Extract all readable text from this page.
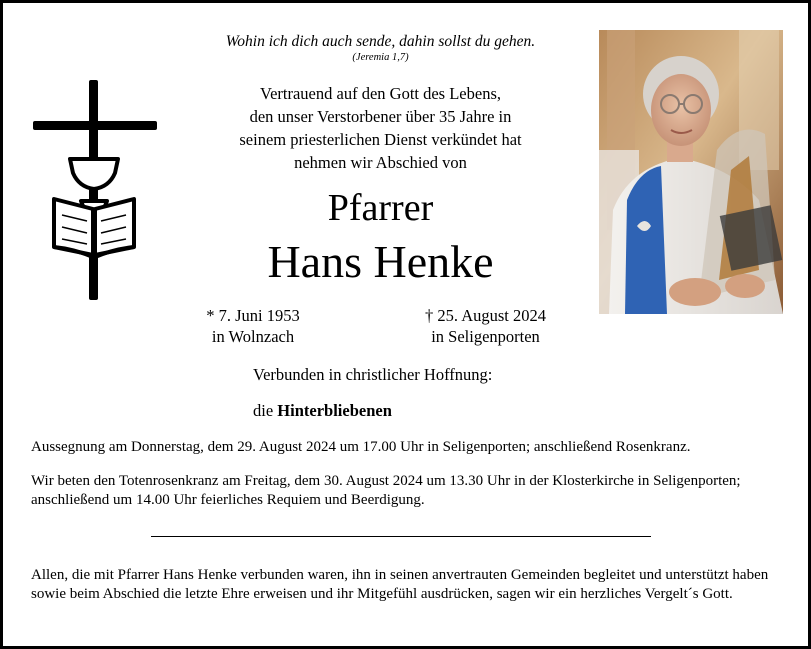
Wohin ich dich auch sende, dahin sollst du gehen.
(Jeremia 1,7)
Vertrauend auf den Gott des Lebens,
den unser Verstorbener über 35 Jahre in
seinem priesterlichen Dienst verkündet hat
nehmen wir Abschied von
Pfarrer
Hans Henke
* 7. Juni 1953
in Wolnzach
† 25. August 2024
in Seligenporten
Verbunden in christlicher Hoffnung:
die Hinterbliebenen
Aussegnung am Donnerstag, dem 29. August 2024 um 17.00 Uhr in Seligenporten; anschließend Rosenkranz.
Wir beten den Totenrosenkranz am Freitag, dem 30. August 2024 um 13.30 Uhr in der Klosterkirche in Seligenporten; anschließend um 14.00 Uhr feierliches Requiem und Beerdigung.
Allen, die mit Pfarrer Hans Henke verbunden waren, ihn in seinen anvertrauten Gemeinden begleitet und unterstützt haben sowie beim Abschied die letzte Ehre erweisen und ihr Mitgefühl ausdrücken, sagen wir ein herzliches Vergelt´s Gott.
